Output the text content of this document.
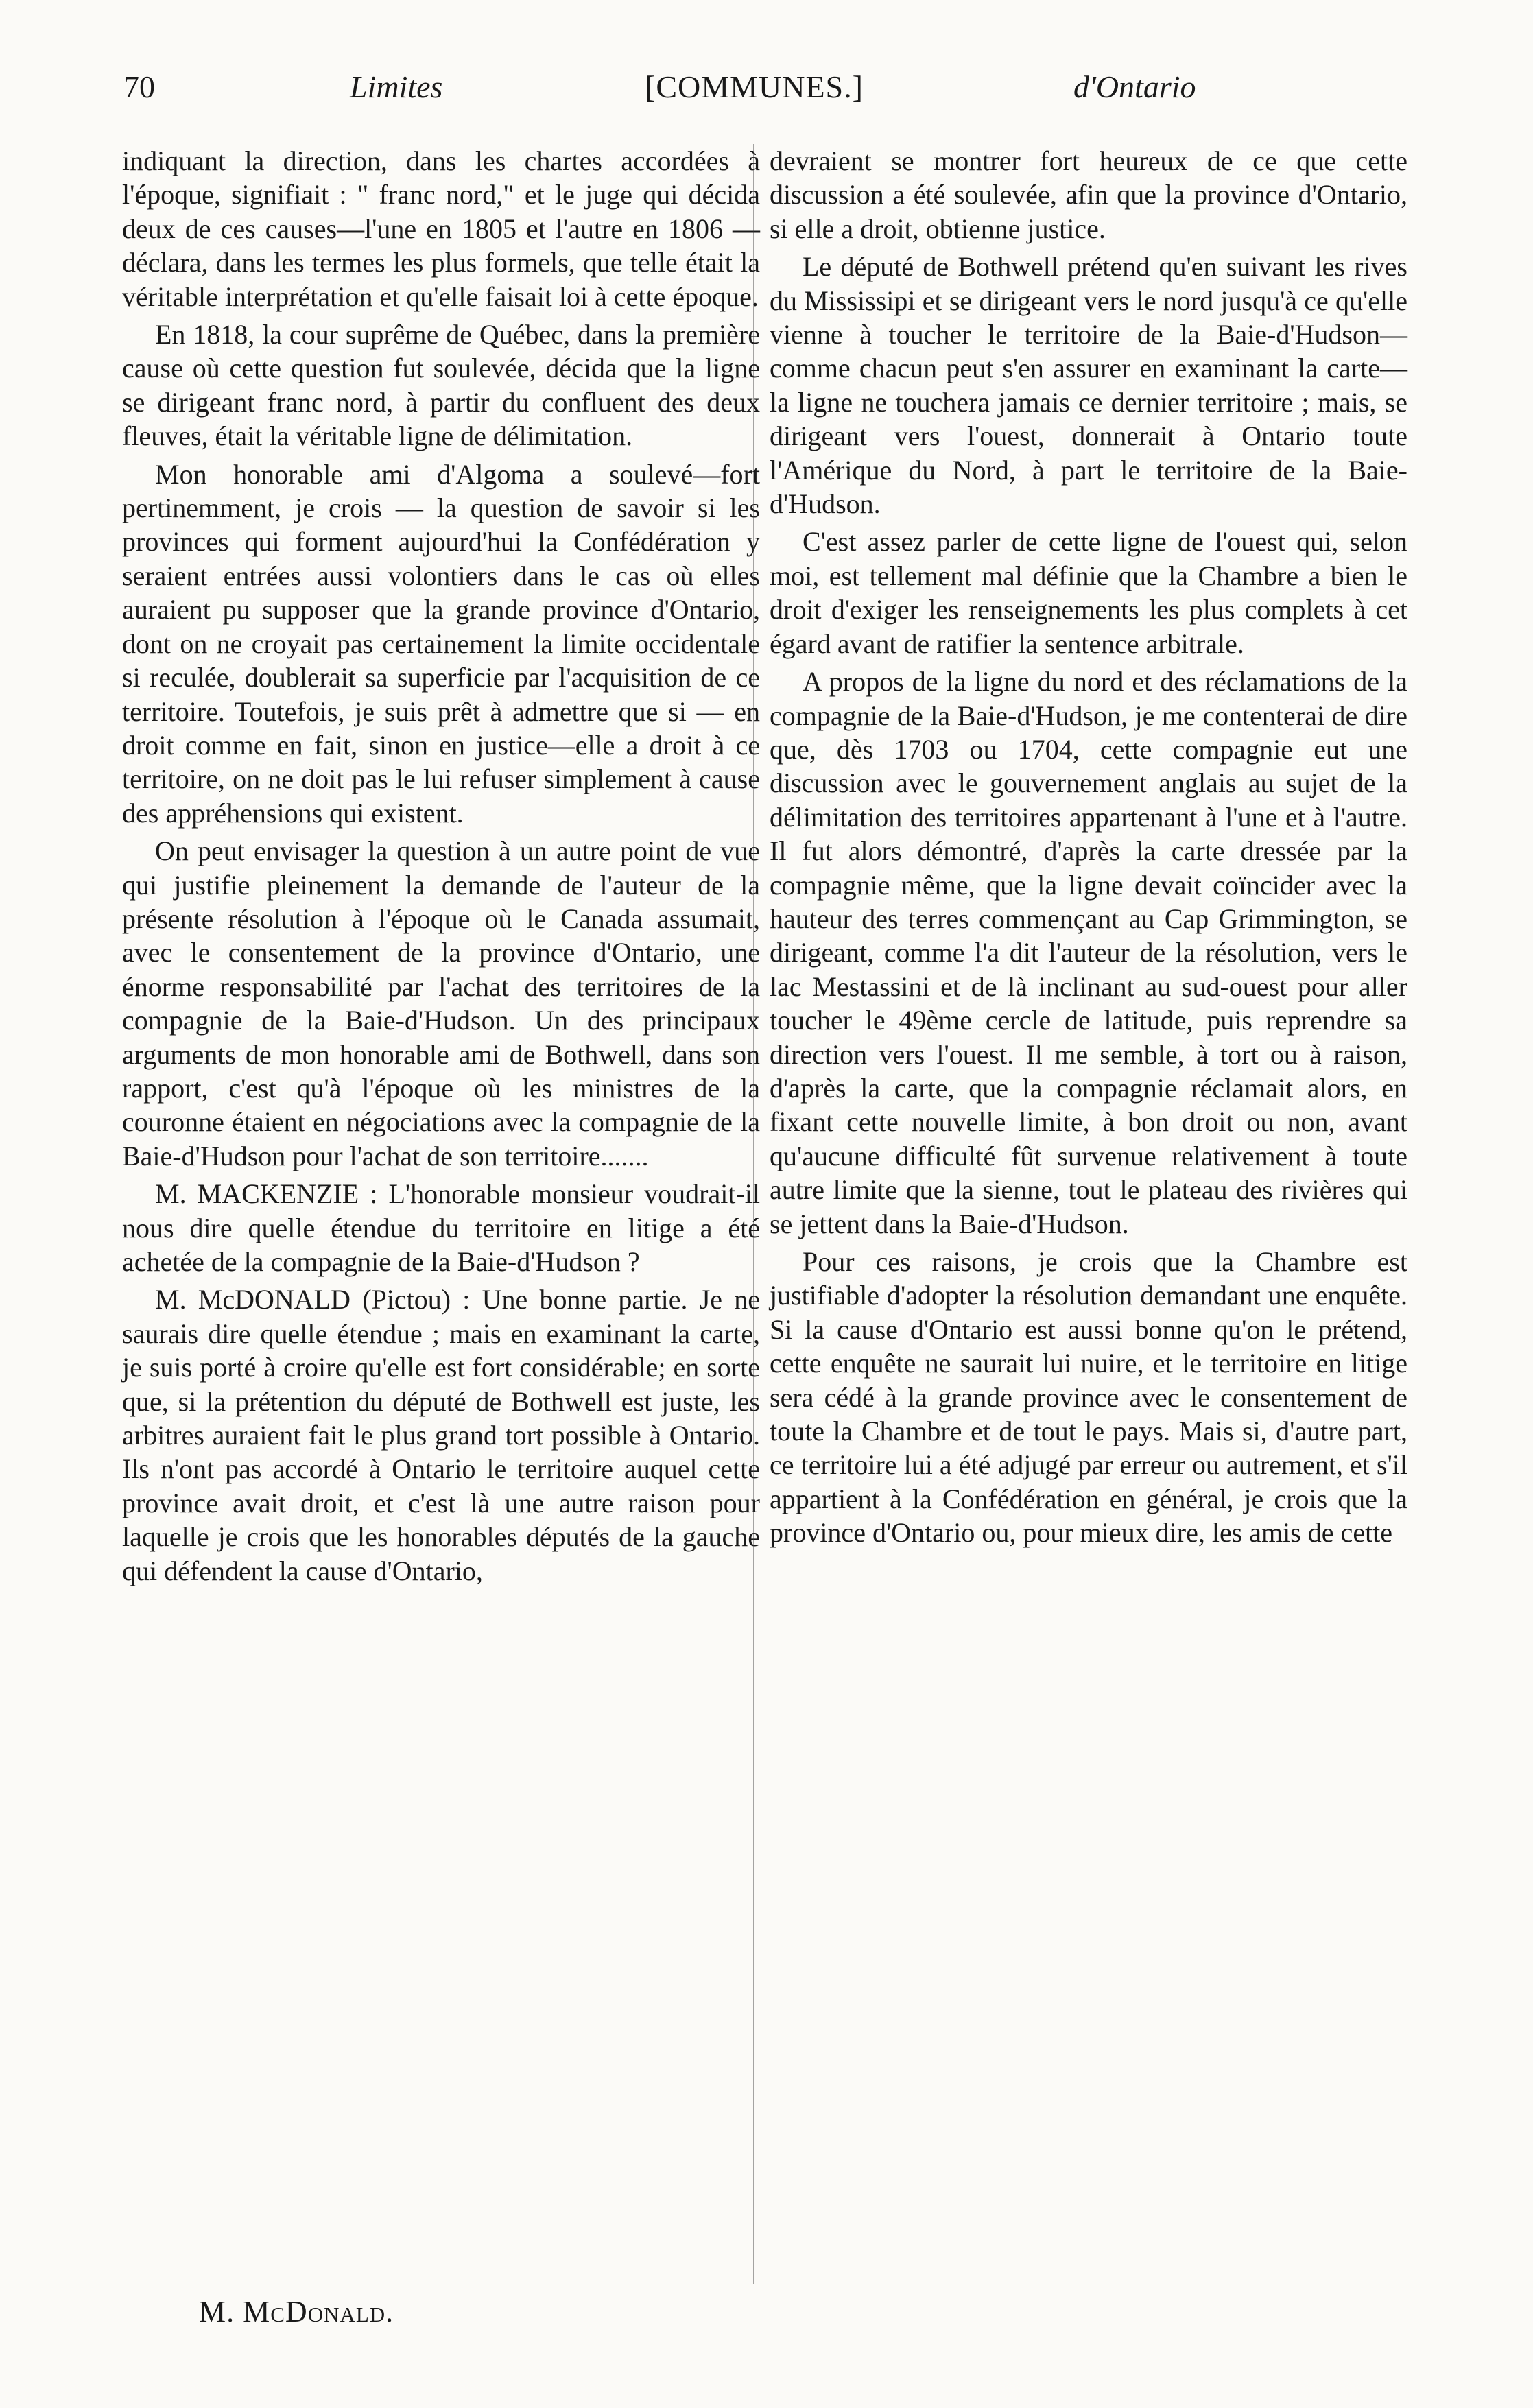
70	Limites	[COMMUNES.]	d'Ontario

indiquant la direction, dans les chartes accordées à l'époque, signifiait : " franc nord," et le juge qui décida deux de ces causes—l'une en 1805 et l'autre en 1806 —déclara, dans les termes les plus formels, que telle était la véritable interprétation et qu'elle faisait loi à cette époque.

En 1818, la cour suprême de Québec, dans la première cause où cette question fut soulevée, décida que la ligne se dirigeant franc nord, à partir du confluent des deux fleuves, était la véritable ligne de délimitation.

Mon honorable ami d'Algoma a soulevé—fort pertinemment, je crois — la question de savoir si les provinces qui forment aujourd'hui la Confédération y seraient entrées aussi volontiers dans le cas où elles auraient pu supposer que la grande province d'Ontario, dont on ne croyait pas certainement la limite occidentale si reculée, doublerait sa superficie par l'acquisition de ce territoire. Toutefois, je suis prêt à admettre que si — en droit comme en fait, sinon en justice—elle a droit à ce territoire, on ne doit pas le lui refuser simplement à cause des appréhensions qui existent.

On peut envisager la question à un autre point de vue qui justifie pleinement la demande de l'auteur de la présente résolution à l'époque où le Canada assumait, avec le consentement de la province d'Ontario, une énorme responsabilité par l'achat des territoires de la compagnie de la Baie-d'Hudson. Un des principaux arguments de mon honorable ami de Bothwell, dans son rapport, c'est qu'à l'époque où les ministres de la couronne étaient en négociations avec la compagnie de la Baie-d'Hudson pour l'achat de son territoire.......

M. MACKENZIE : L'honorable monsieur voudrait-il nous dire quelle étendue du territoire en litige a été achetée de la compagnie de la Baie-d'Hudson ?

M. McDONALD (Pictou) : Une bonne partie. Je ne saurais dire quelle étendue ; mais en examinant la carte, je suis porté à croire qu'elle est fort considérable; en sorte que, si la prétention du député de Bothwell est juste, les arbitres auraient fait le plus grand tort possible à Ontario. Ils n'ont pas accordé à Ontario le territoire auquel cette province avait droit, et c'est là une autre raison pour laquelle je crois que les honorables députés de la gauche qui défendent la cause d'Ontario,

devraient se montrer fort heureux de ce que cette discussion a été soulevée, afin que la province d'Ontario, si elle a droit, obtienne justice.

Le député de Bothwell prétend qu'en suivant les rives du Mississipi et se dirigeant vers le nord jusqu'à ce qu'elle vienne à toucher le territoire de la Baie-d'Hudson—comme chacun peut s'en assurer en examinant la carte—la ligne ne touchera jamais ce dernier territoire ; mais, se dirigeant vers l'ouest, donnerait à Ontario toute l'Amérique du Nord, à part le territoire de la Baie-d'Hudson.

C'est assez parler de cette ligne de l'ouest qui, selon moi, est tellement mal définie que la Chambre a bien le droit d'exiger les renseignements les plus complets à cet égard avant de ratifier la sentence arbitrale.

A propos de la ligne du nord et des réclamations de la compagnie de la Baie-d'Hudson, je me contenterai de dire que, dès 1703 ou 1704, cette compagnie eut une discussion avec le gouvernement anglais au sujet de la délimitation des territoires appartenant à l'une et à l'autre. Il fut alors démontré, d'après la carte dressée par la compagnie même, que la ligne devait coïncider avec la hauteur des terres commençant au Cap Grimmington, se dirigeant, comme l'a dit l'auteur de la résolution, vers le lac Mestassini et de là inclinant au sud-ouest pour aller toucher le 49ème cercle de latitude, puis reprendre sa direction vers l'ouest. Il me semble, à tort ou à raison, d'après la carte, que la compagnie réclamait alors, en fixant cette nouvelle limite, à bon droit ou non, avant qu'aucune difficulté fût survenue relativement à toute autre limite que la sienne, tout le plateau des rivières qui se jettent dans la Baie-d'Hudson.

Pour ces raisons, je crois que la Chambre est justifiable d'adopter la résolution demandant une enquête. Si la cause d'Ontario est aussi bonne qu'on le prétend, cette enquête ne saurait lui nuire, et le territoire en litige sera cédé à la grande province avec le consentement de toute la Chambre et de tout le pays. Mais si, d'autre part, ce territoire lui a été adjugé par erreur ou autrement, et s'il appartient à la Confédération en général, je crois que la province d'Ontario ou, pour mieux dire, les amis de cette

M. McDonald.
